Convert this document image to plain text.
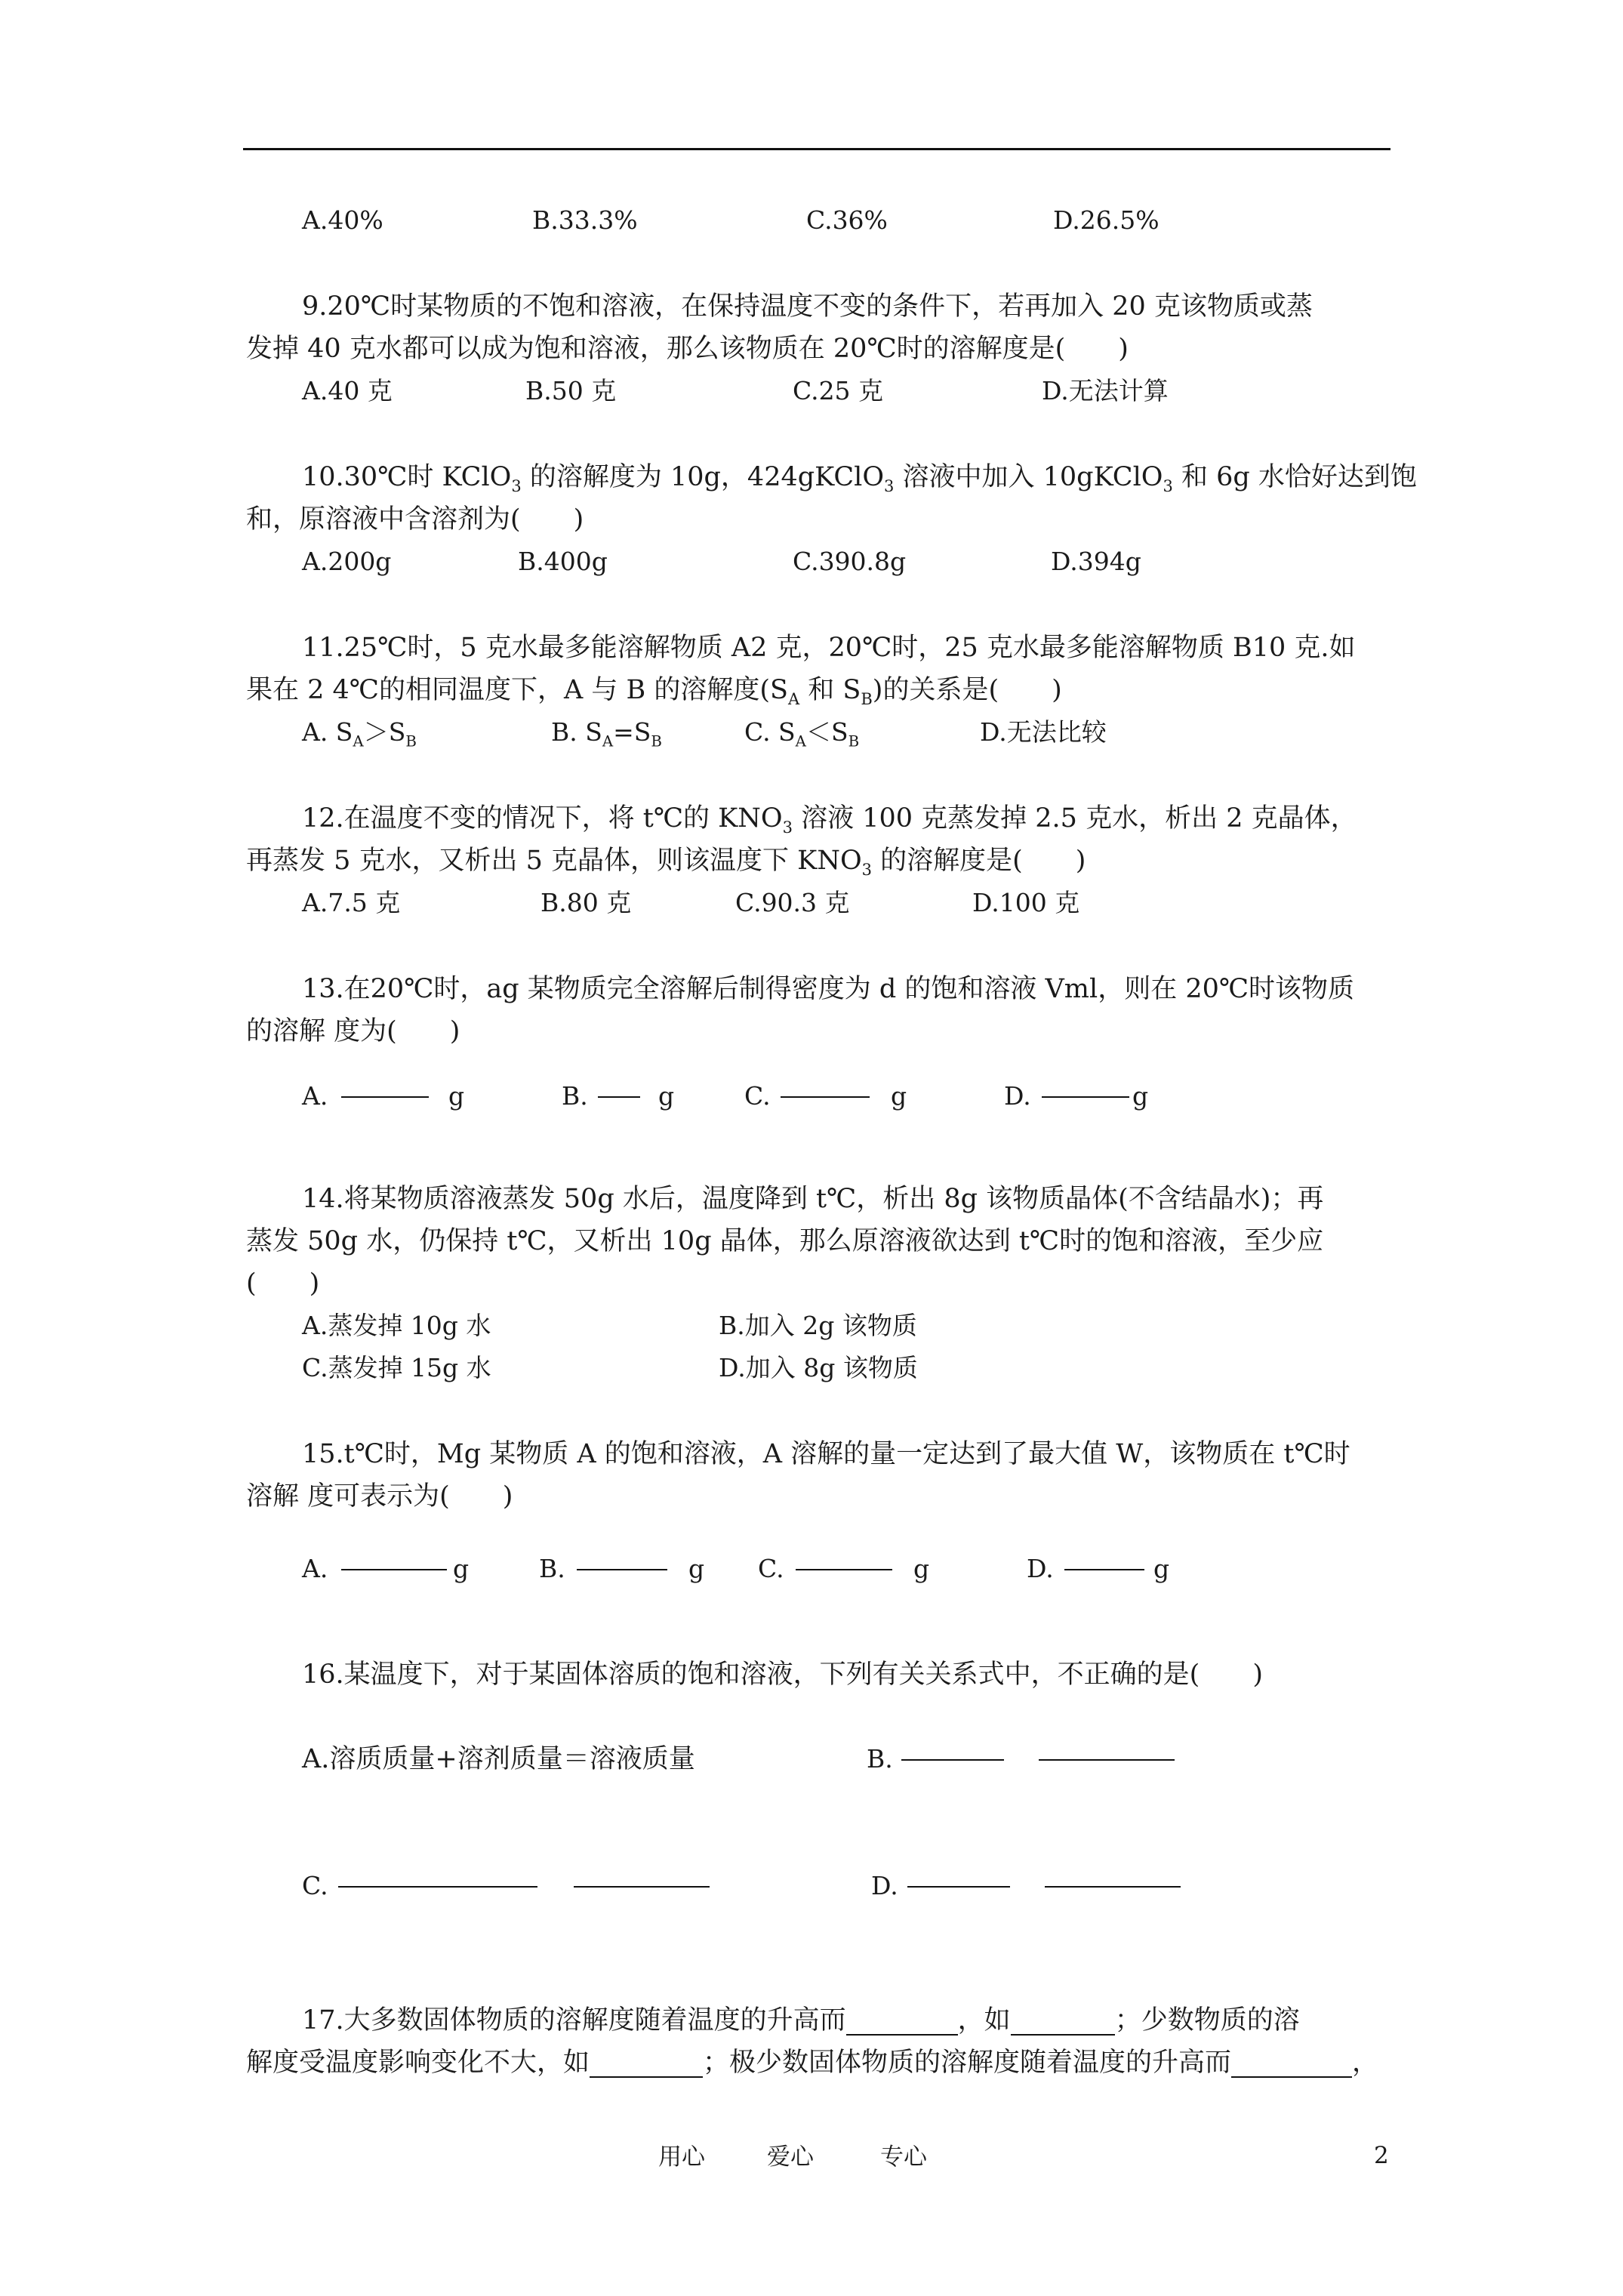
A.40%	B.33.3%	C.36%	D.26.5%
9.20℃时某物质的不饱和溶液，在保持温度不变的条件下，若再加入 20 克该物质或蒸
发掉 40 克水都可以成为饱和溶液，那么该物质在 20℃时的溶解度是(　　)
A.40 克	B.50 克	C.25 克	D.无法计算
10.30℃时 KClO$_3$ 的溶解度为 10g，424gKClO$_3$ 溶液中加入 10gKClO$_3$ 和 6g 水恰好达到饱
和，原溶液中含溶剂为(　　)
A.200g	B.400g	C.390.8g	D.394g
11.25℃时，5 克水最多能溶解物质 A2 克，20℃时，25 克水最多能溶解物质 B10 克.如
果在 2 4℃的相同温度下，A 与 B 的溶解度($S_A$ 和 $S_B$)的关系是(　　)
A. $S_A>S_B$	B. $S_A=S_B$	C. $S_A<S_B$	D.无法比较
12.在温度不变的情况下，将 t℃的 $KNO_3$ 溶液 100 克蒸发掉 2.5 克水，析出 2 克晶体，
再蒸发 5 克水，又析出 5 克晶体，则该温度下 $KNO_3$ 的溶解度是(　　)
A.7.5 克	B.80 克	C.90.3 克	D.100 克
13.在20℃时，ag 某物质完全溶解后制得密度为 d 的饱和溶液 Vml，则在 20℃时该物质
的溶解 度为(　　)
A.	g	B.	g	C.	g	D.	g
14.将某物质溶液蒸发 50g 水后，温度降到 t℃，析出 8g 该物质晶体(不含结晶水)；再
蒸发 50g 水，仍保持 t℃，又析出 10g 晶体，那么原溶液欲达到 t℃时的饱和溶液，至少应
(　　)
A.蒸发掉 10g 水	B.加入 2g 该物质
C.蒸发掉 15g 水	D.加入 8g 该物质
15.t℃时，Mg 某物质 A 的饱和溶液，A 溶解的量一定达到了最大值 W，该物质在 t℃时
溶解 度可表示为(　　)
A.	g	B.	g C.	g	D.	g
16.某温度下，对于某固体溶质的饱和溶液，下列有关关系式中，不正确的是(　　)
A.溶质质量+溶剂质量＝溶液质量	B.
C.	D.
17.大多数固体物质的溶解度随着温度的升高而	，如	；少数物质的溶
解度受温度影响变化不大，如	；极少数固体物质的溶解度随着温度的升高而	，
用心	爱心	专心	2
